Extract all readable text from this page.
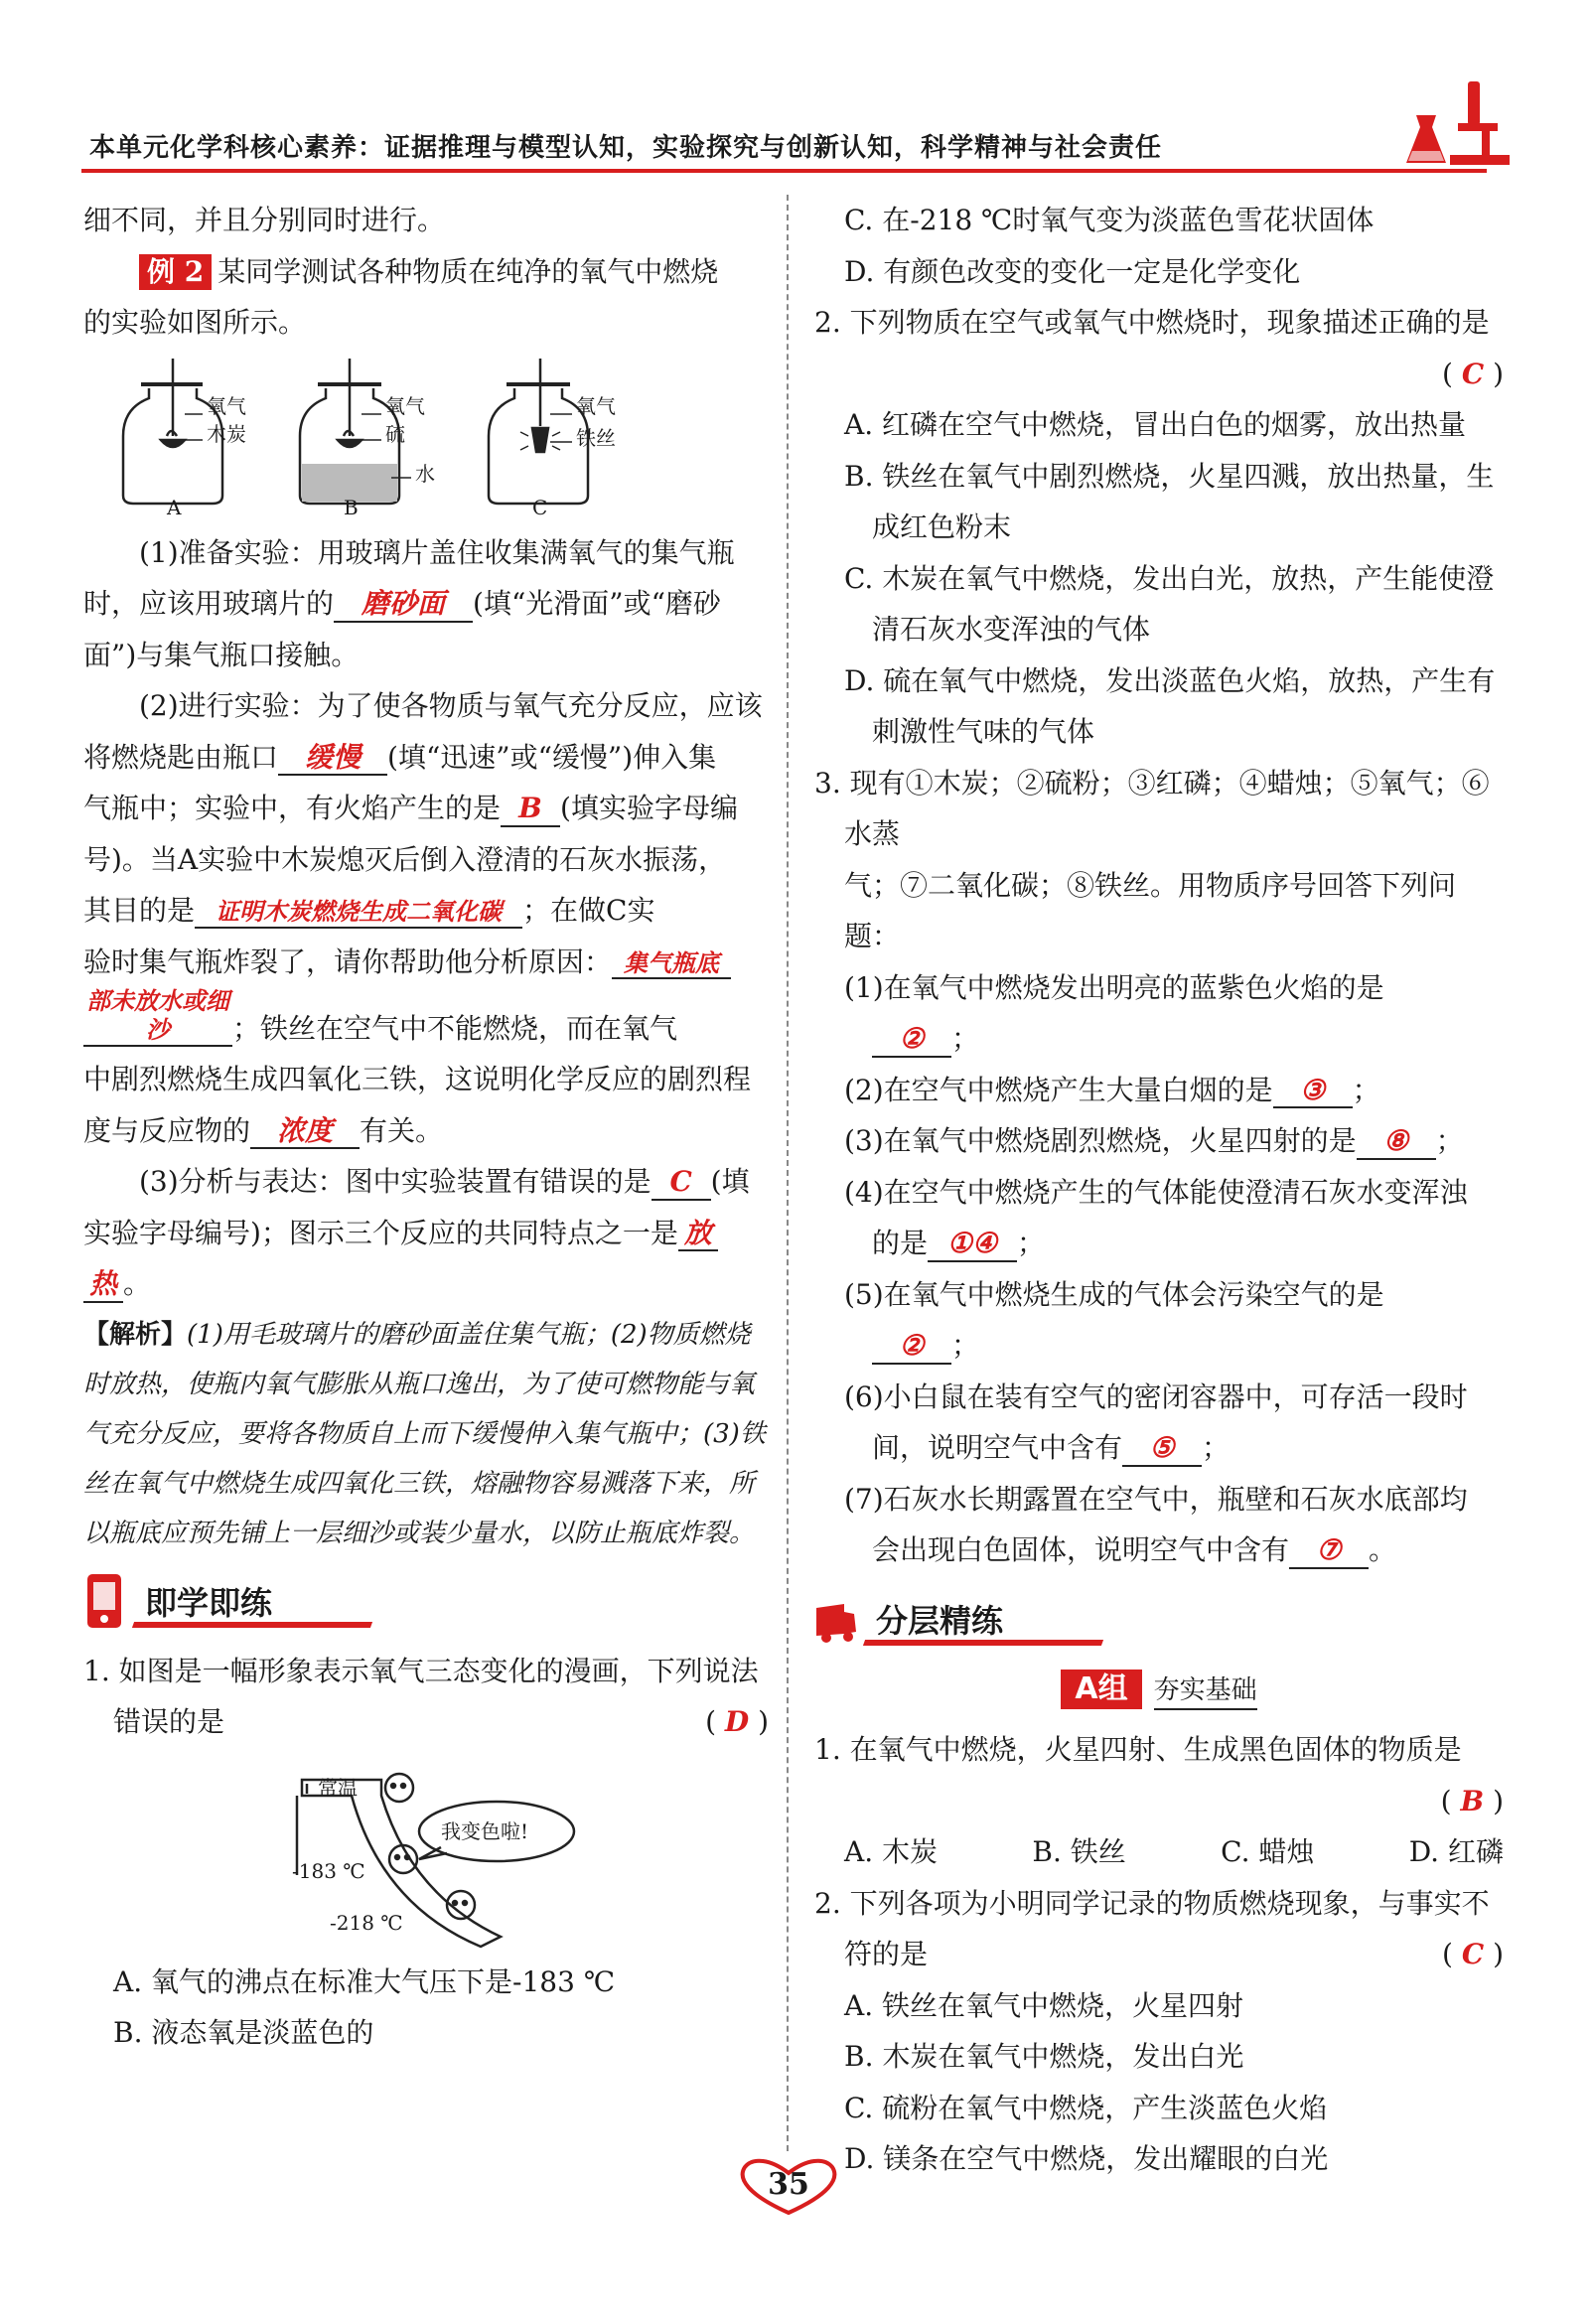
本单元化学科核心素养：证据推理与模型认知，实验探究与创新认知，科学精神与社会责任

细不同，并且分别同时进行。

例 2 某同学测试各种物质在纯净的氧气中燃烧

的实验如图所示。

氧气
木炭
氧气
硫
水
氧气
铁丝
A	B	C

(1)准备实验：用玻璃片盖住收集满氧气的集气瓶

时，应该用玻璃片的 磨砂面 (填“光滑面”或“磨砂

面”)与集气瓶口接触。

(2)进行实验：为了使各物质与氧气充分反应，应该

将燃烧匙由瓶口 缓慢 (填“迅速”或“缓慢”)伸入集

气瓶中；实验中，有火焰产生的是 B (填实验字母编

号)。当A实验中木炭熄灭后倒入澄清的石灰水振荡，

其目的是 证明木炭燃烧生成二氧化碳 ；在做C实

验时集气瓶炸裂了，请你帮助他分析原因： 集气瓶底

部未放水或细沙 ；铁丝在空气中不能燃烧，而在氧气

中剧烈燃烧生成四氧化三铁，这说明化学反应的剧烈程

度与反应物的 浓度 有关。

(3)分析与表达：图中实验装置有错误的是 C (填

实验字母编号)；图示三个反应的共同特点之一是 放

热 。

【解析】(1)用毛玻璃片的磨砂面盖住集气瓶；(2)物质燃烧时放热，使瓶内氧气膨胀从瓶口逸出，为了使可燃物能与氧气充分反应，要将各物质自上而下缓慢伸入集气瓶中；(3)铁丝在氧气中燃烧生成四氧化三铁，熔融物容易溅落下来，所以瓶底应预先铺上一层细沙或装少量水，以防止瓶底炸裂。

即学即练

1. 如图是一幅形象表示氧气三态变化的漫画，下列说法

错误的是	( D )

常温
-183 ℃
-218 ℃
我变色啦!

A. 氧气的沸点在标准大气压下是-183 ℃

B. 液态氧是淡蓝色的

C. 在-218 ℃时氧气变为淡蓝色雪花状固体

D. 有颜色改变的变化一定是化学变化

2. 下列物质在空气或氧气中燃烧时，现象描述正确的是

( C )

A. 红磷在空气中燃烧，冒出白色的烟雾，放出热量

B. 铁丝在氧气中剧烈燃烧，火星四溅，放出热量，生

成红色粉末

C. 木炭在氧气中燃烧，发出白光，放热，产生能使澄

清石灰水变浑浊的气体

D. 硫在氧气中燃烧，发出淡蓝色火焰，放热，产生有

刺激性气味的气体

3. 现有①木炭；②硫粉；③红磷；④蜡烛；⑤氧气；⑥水蒸

气；⑦二氧化碳；⑧铁丝。用物质序号回答下列问题：

(1)在氧气中燃烧发出明亮的蓝紫色火焰的是

② ；

(2)在空气中燃烧产生大量白烟的是 ③ ；

(3)在氧气中燃烧剧烈燃烧，火星四射的是 ⑧ ；

(4)在空气中燃烧产生的气体能使澄清石灰水变浑浊

的是 ①④ ；

(5)在氧气中燃烧生成的气体会污染空气的是

② ；

(6)小白鼠在装有空气的密闭容器中，可存活一段时

间，说明空气中含有 ⑤ ；

(7)石灰水长期露置在空气中，瓶壁和石灰水底部均

会出现白色固体，说明空气中含有 ⑦ 。

分层精练
A组 夯实基础

1. 在氧气中燃烧，火星四射、生成黑色固体的物质是

( B )

A. 木炭	B. 铁丝	C. 蜡烛	D. 红磷

2. 下列各项为小明同学记录的物质燃烧现象，与事实不

符的是	( C )

A. 铁丝在氧气中燃烧，火星四射

B. 木炭在氧气中燃烧，发出白光

C. 硫粉在氧气中燃烧，产生淡蓝色火焰

D. 镁条在空气中燃烧，发出耀眼的白光

35
